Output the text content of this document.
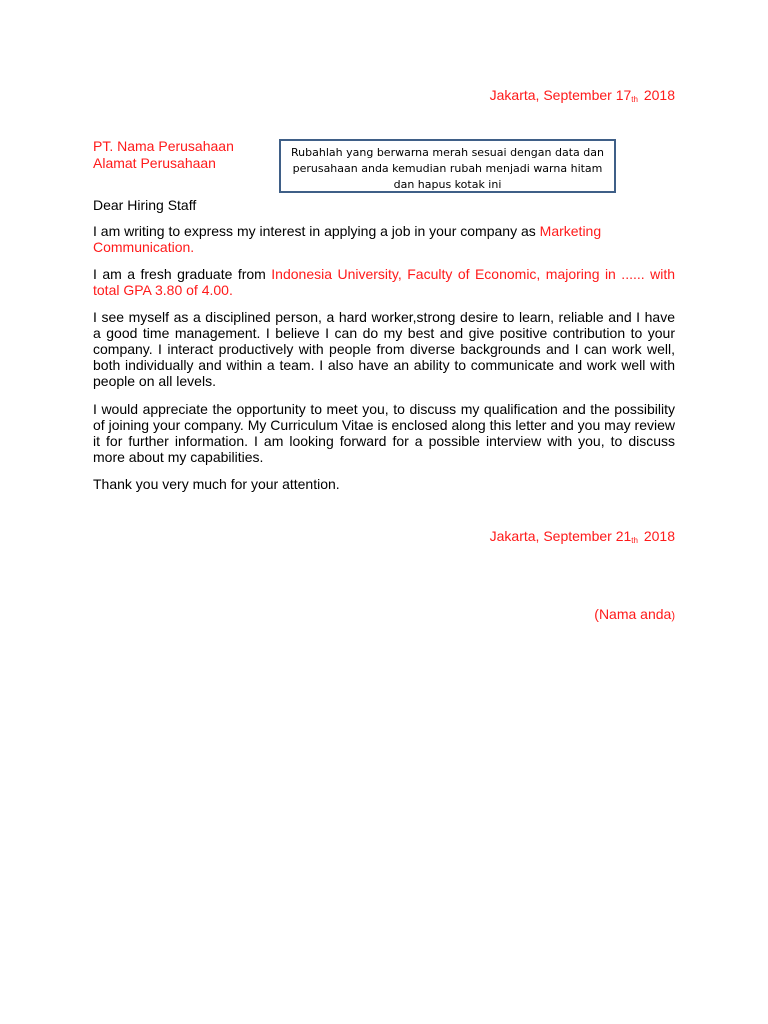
Jakarta, September $17_{th}$ 2018
PT. Nama Perusahaan
Alamat Perusahaan
Rubahlah yang berwarna merah sesuai dengan data dan perusahaan anda kemudian rubah menjadi warna hitam dan hapus kotak ini
Dear Hiring Staff
I am writing to express my interest in applying a job in your company as Marketing Communication.
I am a fresh graduate from Indonesia University, Faculty of Economic, majoring in ...... with total GPA 3.80 of 4.00.
I see myself as a disciplined person, a hard worker,strong desire to learn, reliable and I have a good time management. I believe I can do my best and give positive contribution to your company. I interact productively with people from diverse backgrounds and I can work well, both individually and within a team. I also have an ability to communicate and work well with people on all levels.
I would appreciate the opportunity to meet you, to discuss my qualification and the possibility of joining your company. My Curriculum Vitae is enclosed along this letter and you may review it for further information. I am looking forward for a possible interview with you, to discuss more about my capabilities.
Thank you very much for your attention.
Jakarta, September $21_{th}$ 2018
(Nama anda)
